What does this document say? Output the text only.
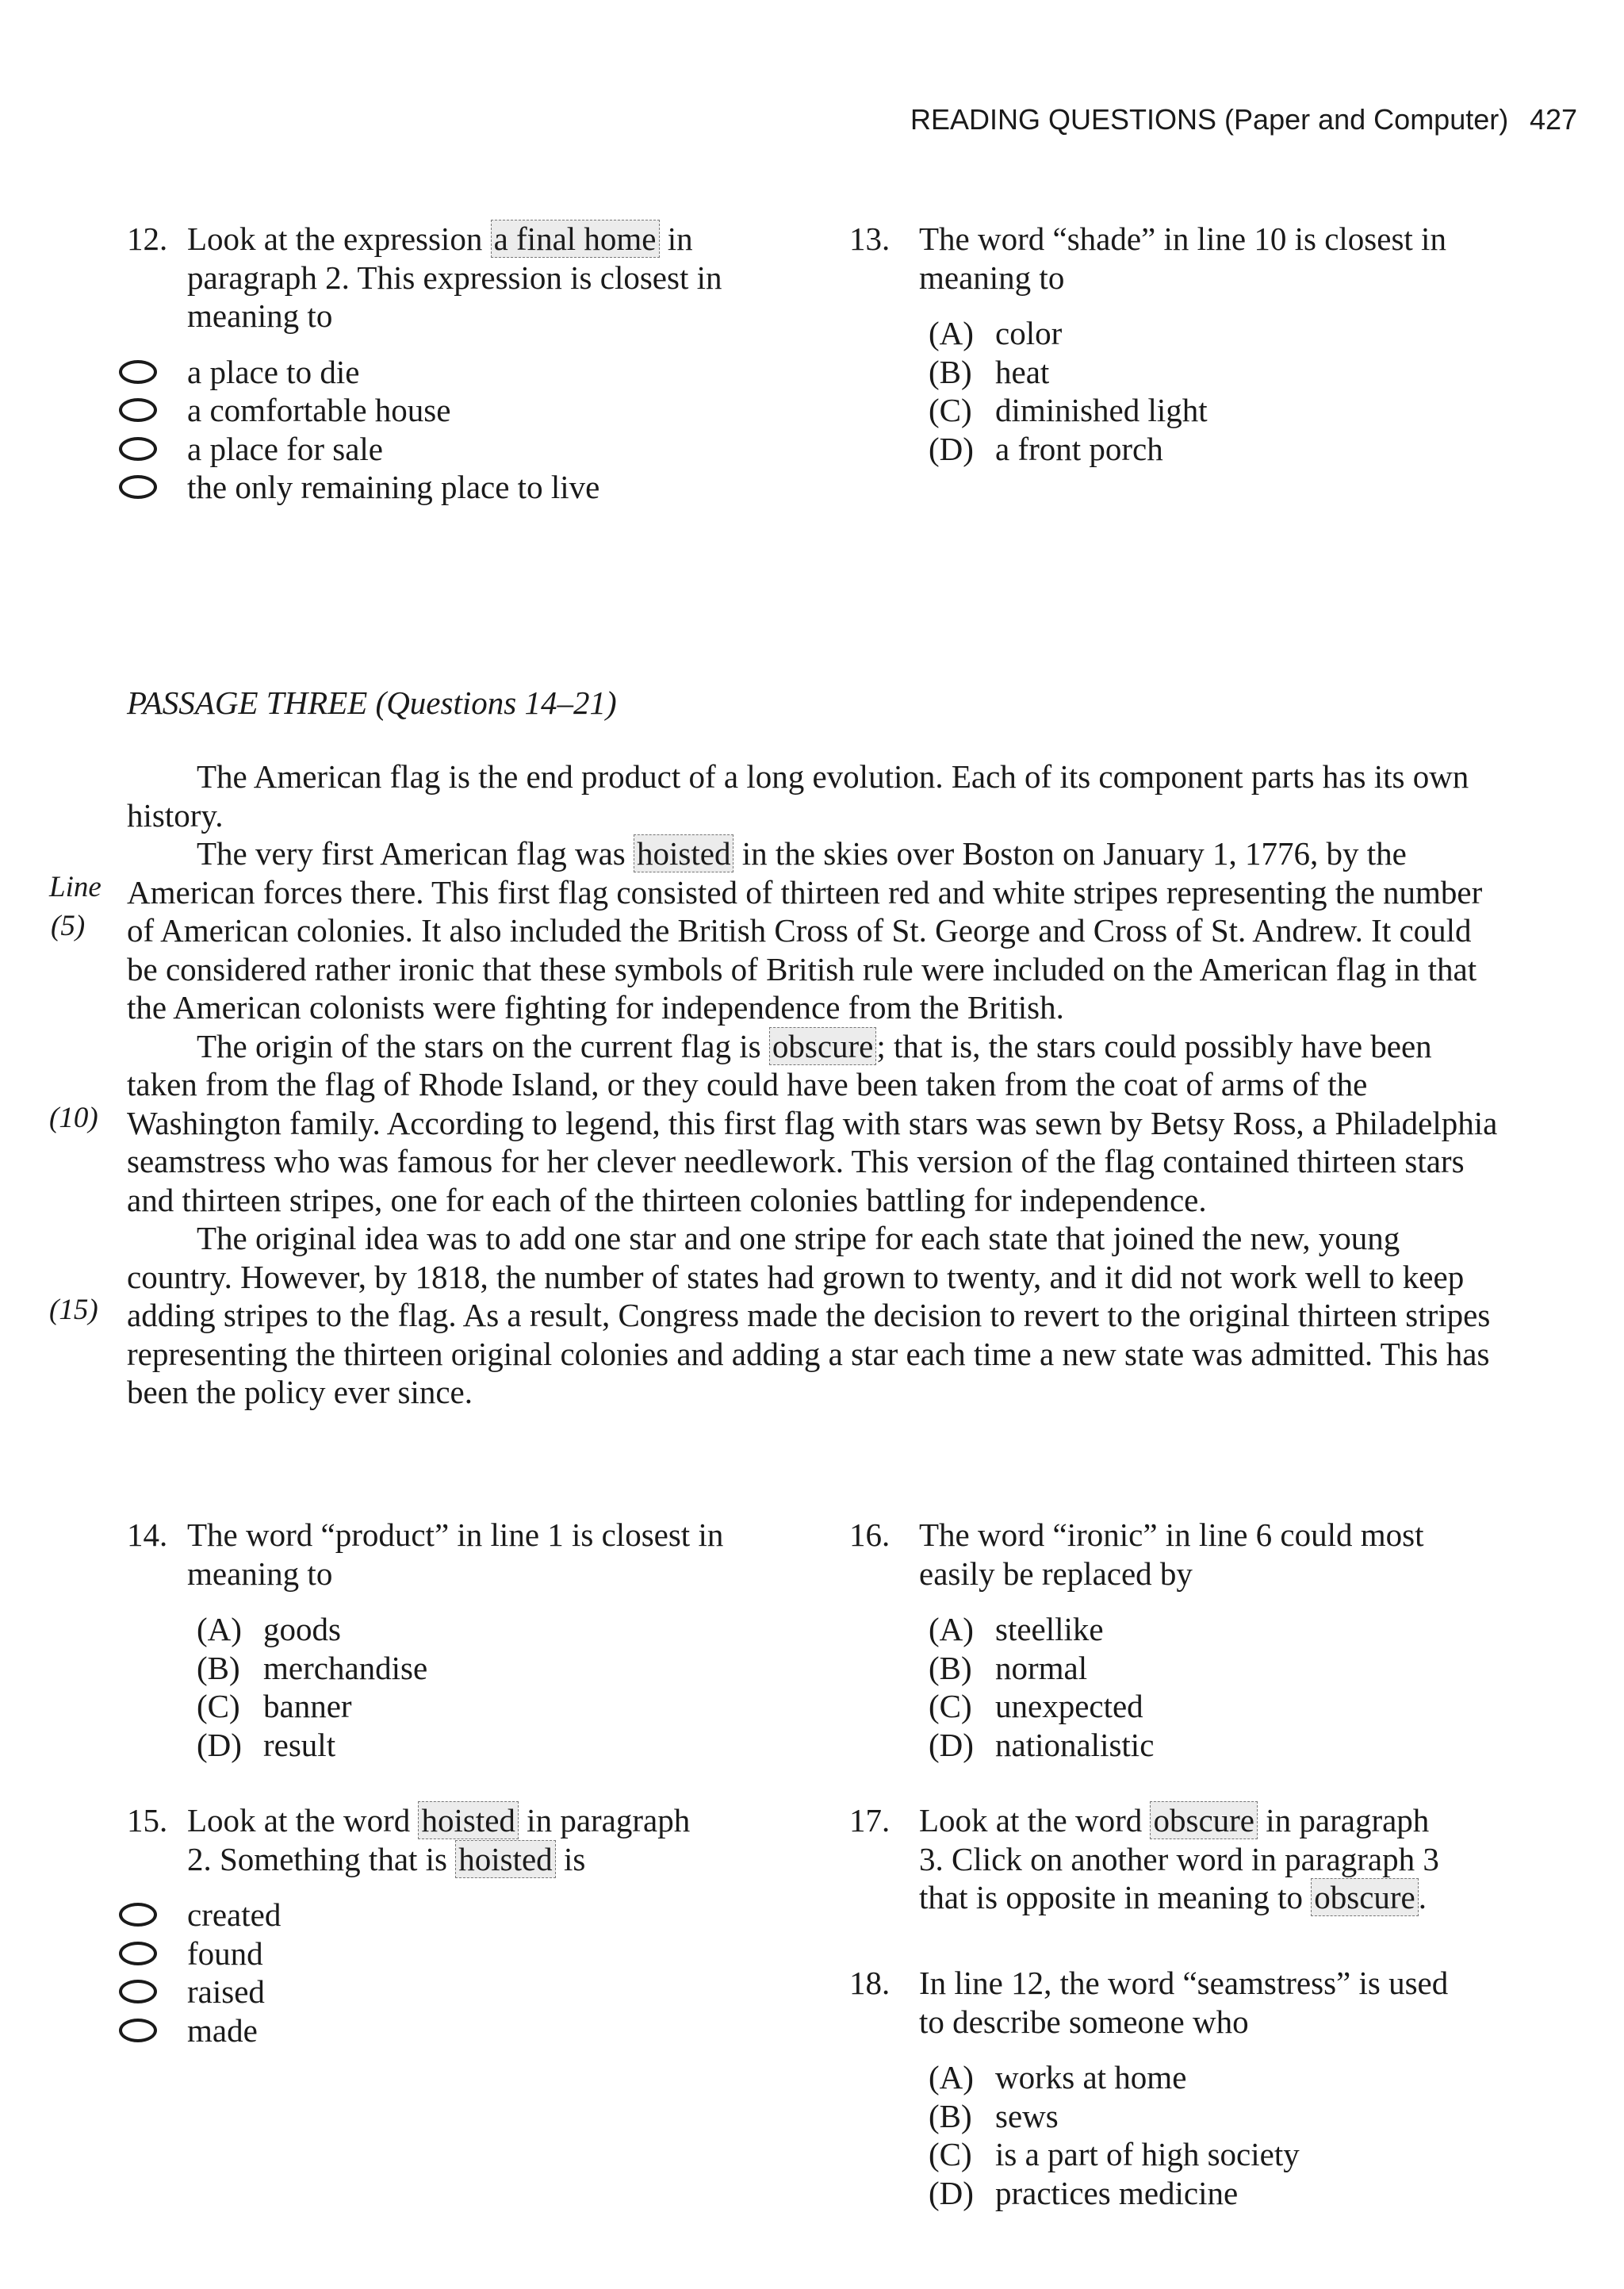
READING QUESTIONS (Paper and Computer) 427
12. Look at the expression a final home in
paragraph 2. This expression is closest in
meaning to
a place to die
a comfortable house
a place for sale
the only remaining place to live
13. The word “shade” in line 10 is closest in
meaning to
(A) color
(B) heat
(C) diminished light
(D) a front porch
PASSAGE THREE (Questions 14–21)
Line
(5)
(10)
(15)

The American flag is the end product of a long evolution. Each of its component parts has its own history.

The very first American flag was hoisted in the skies over Boston on January 1, 1776, by the American forces there. This first flag consisted of thirteen red and white stripes representing the number of American colonies. It also included the British Cross of St. George and Cross of St. Andrew. It could be considered rather ironic that these symbols of British rule were included on the American flag in that the American colonists were fighting for independence from the British.

The origin of the stars on the current flag is obscure; that is, the stars could possibly have been taken from the flag of Rhode Island, or they could have been taken from the coat of arms of the Washington family. According to legend, this first flag with stars was sewn by Betsy Ross, a Philadelphia seamstress who was famous for her clever needlework. This version of the flag contained thirteen stars and thirteen stripes, one for each of the thirteen colonies battling for independence.

The original idea was to add one star and one stripe for each state that joined the new, young country. However, by 1818, the number of states had grown to twenty, and it did not work well to keep adding stripes to the flag. As a result, Congress made the decision to revert to the original thirteen stripes representing the thirteen original colonies and adding a star each time a new state was admitted. This has been the policy ever since.

14. The word “product” in line 1 is closest in
meaning to
(A) goods
(B) merchandise
(C) banner
(D) result
15. Look at the word hoisted in paragraph
2. Something that is hoisted is
created
found
raised
made
16. The word “ironic” in line 6 could most
easily be replaced by
(A) steellike
(B) normal
(C) unexpected
(D) nationalistic
17. Look at the word obscure in paragraph
3. Click on another word in paragraph 3
that is opposite in meaning to obscure.
18. In line 12, the word “seamstress” is used
to describe someone who
(A) works at home
(B) sews
(C) is a part of high society
(D) practices medicine
